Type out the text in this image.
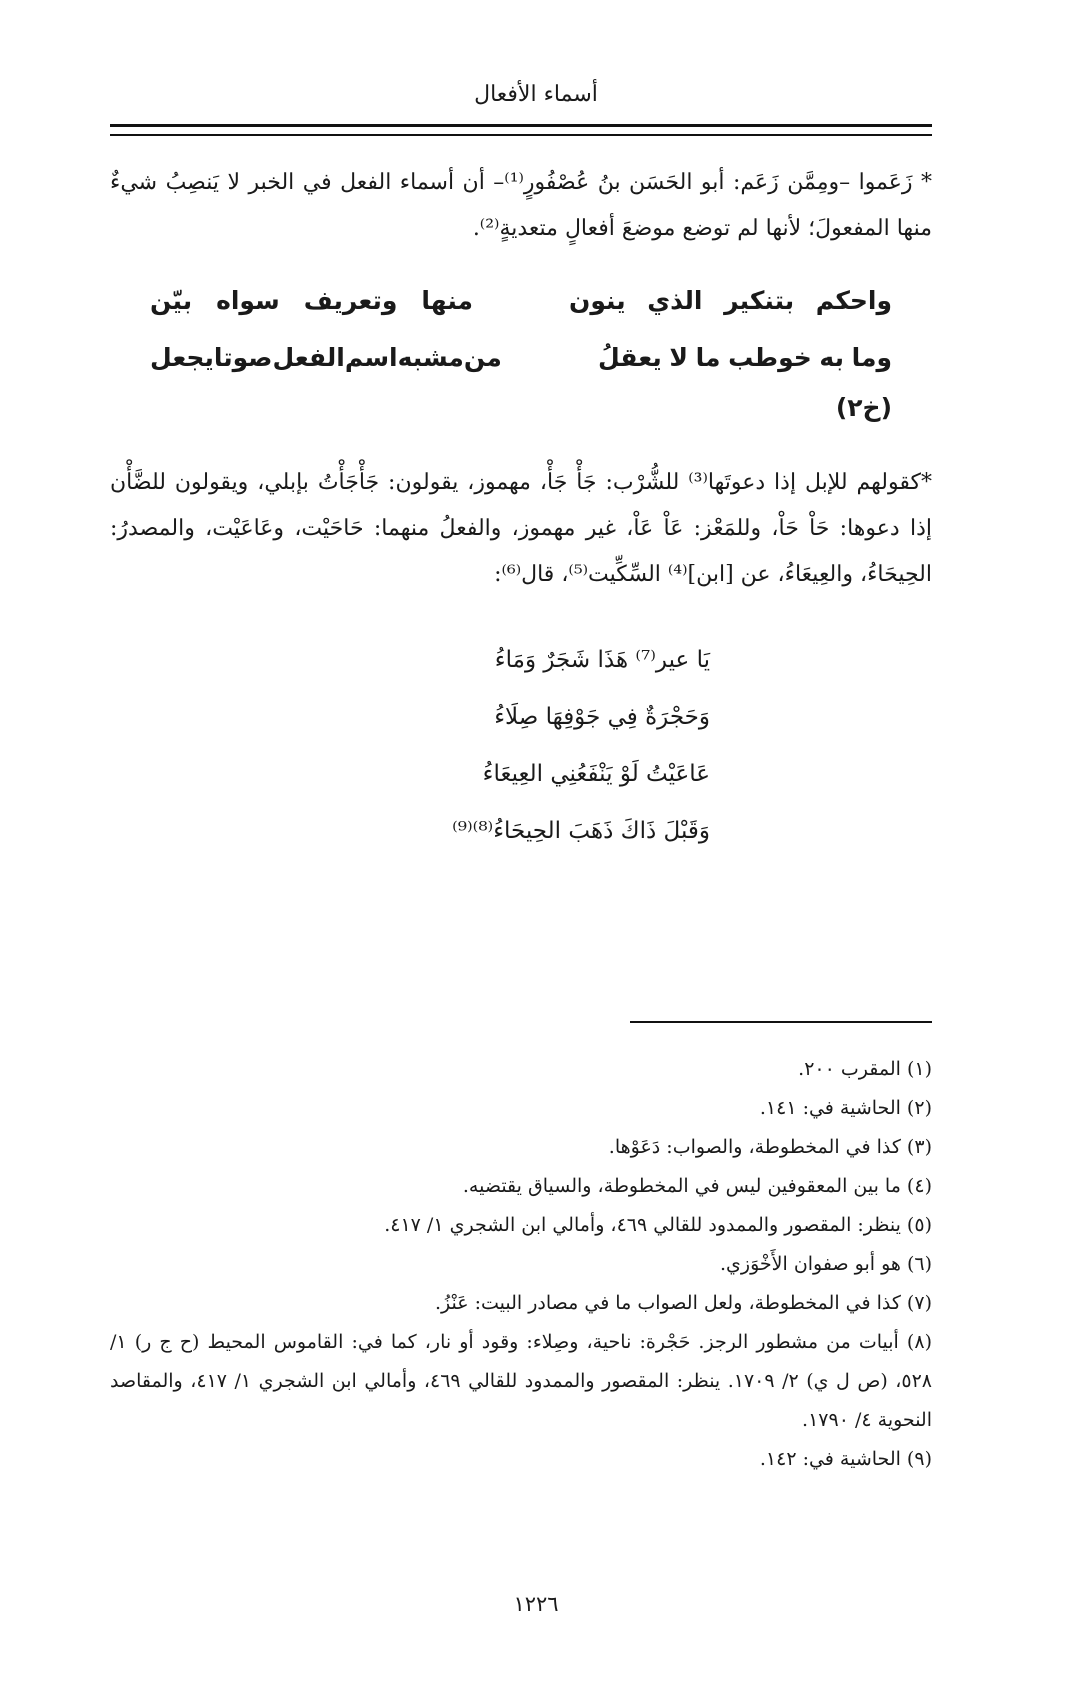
أسماء الأفعال

* زَعَموا –ومِمَّن زَعَم: أبو الحَسَن بنُ عُصْفُورٍ⁽¹⁾– أن أسماء الفعل في الخبر لا يَنصِبُ شيءٌ منها المفعولَ؛ لأنها لم توضع موضعَ أفعالٍ متعديةٍ⁽²⁾.

واحكم
بتنكير
الذي
ينون
منها
وتعريف
سواه
بيّن
وما
به
خوطب
ما
لا
يعقلُ
من
مشبه
اسم
الفعل
صوتا
يجعل
(خ٢)

*كقولهم للإبل إذا دعوتَها⁽³⁾ للشُّرْب: جَأْ جَأْ، مهموز، يقولون: جَأْجَأْتُ بإبلي، ويقولون للضَّأْن إذا دعوها: حَاْ حَاْ، وللمَعْز: عَاْ عَاْ، غير مهموز، والفعلُ منهما: حَاحَيْت، وعَاعَيْت، والمصدرُ: الحِيحَاءُ، والعِيعَاءُ، عن [ابن]⁽⁴⁾ السِّكِّيت⁽⁵⁾، قال⁽⁶⁾:

يَا عير⁽⁷⁾ هَذَا شَجَرٌ وَمَاءُ
وَحَجْرَةٌ فِي جَوْفِهَا صِلَاءُ
عَاعَيْتُ لَوْ يَنْفَعُنِي العِيعَاءُ
وَقَبْلَ ذَاكَ ذَهَبَ الحِيحَاءُ⁽⁸⁾⁽⁹⁾
(١) المقرب ٢٠٠.
(٢) الحاشية في: ١٤١.
(٣) كذا في المخطوطة، والصواب: دَعَوْها.
(٤) ما بين المعقوفين ليس في المخطوطة، والسياق يقتضيه.
(٥) ينظر: المقصور والممدود للقالي ٤٦٩، وأمالي ابن الشجري ١/ ٤١٧.
(٦) هو أبو صفوان الأَخْوَزي.
(٧) كذا في المخطوطة، ولعل الصواب ما في مصادر البيت: عَنْزُ.
(٨) أبيات من مشطور الرجز. حَجْرة: ناحية، وصِلاء: وقود أو نار، كما في: القاموس المحيط (ح ج ر) ١/ ٥٢٨، (ص ل ي) ٢/ ١٧٠٩. ينظر: المقصور والممدود للقالي ٤٦٩، وأمالي ابن الشجري ١/ ٤١٧، والمقاصد النحوية ٤/ ١٧٩٠.
(٩) الحاشية في: ١٤٢.
١٢٢٦
